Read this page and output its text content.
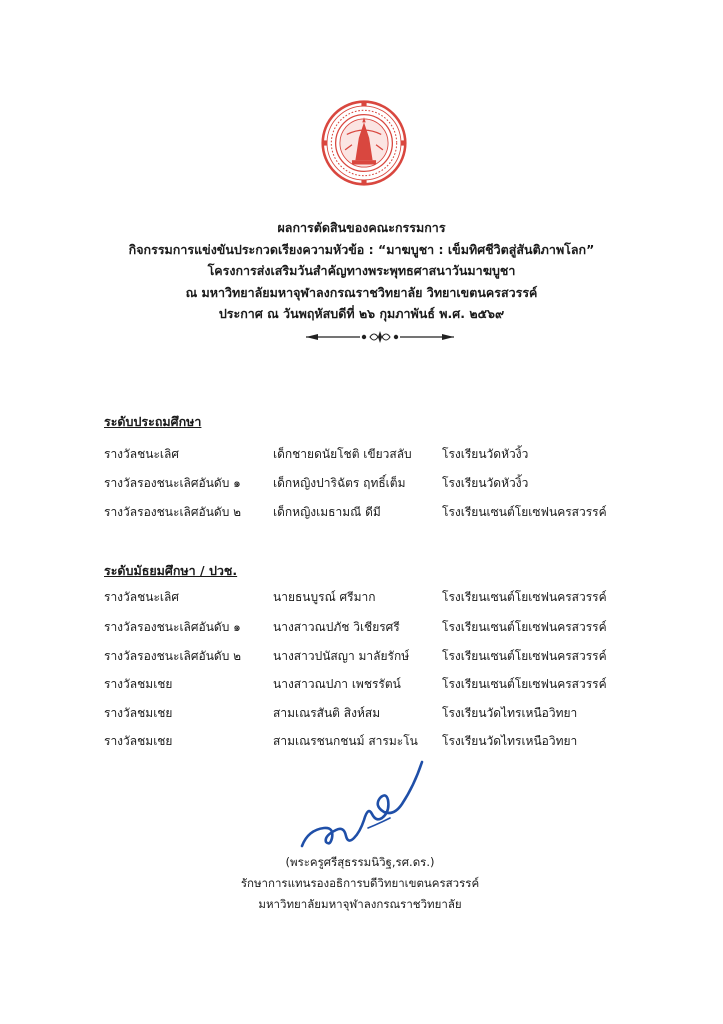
ผลการตัดสินของคณะกรรมการ
กิจกรรมการแข่งขันประกวดเรียงความหัวข้อ : “มาฆบูชา : เข็มทิศชีวิตสู่สันติภาพโลก”
โครงการส่งเสริมวันสำคัญทางพระพุทธศาสนาวันมาฆบูชา
ณ มหาวิทยาลัยมหาจุฬาลงกรณราชวิทยาลัย วิทยาเขตนครสวรรค์
ประกาศ ณ วันพฤหัสบดีที่ ๒๖ กุมภาพันธ์ พ.ศ. ๒๕๖๙
ระดับประถมศึกษา
รางวัลชนะเลิศ	เด็กชายดนัยโชติ เขียวสลับ	โรงเรียนวัดหัวงิ้ว
รางวัลรองชนะเลิศอันดับ ๑	เด็กหญิงปาริฉัตร ฤทธิ์เต็ม	โรงเรียนวัดหัวงิ้ว
รางวัลรองชนะเลิศอันดับ ๒	เด็กหญิงเมธามณี ดีมี	โรงเรียนเซนต์โยเซฟนครสวรรค์
ระดับมัธยมศึกษา / ปวช.
รางวัลชนะเลิศ	นายธนบูรณ์ ศรีมาก	โรงเรียนเซนต์โยเซฟนครสวรรค์
รางวัลรองชนะเลิศอันดับ ๑	นางสาวณปภัช วิเชียรศรี	โรงเรียนเซนต์โยเซฟนครสวรรค์
รางวัลรองชนะเลิศอันดับ ๒	นางสาวปนัสญา มาลัยรักษ์	โรงเรียนเซนต์โยเซฟนครสวรรค์
รางวัลชมเชย	นางสาวณปภา เพชรรัตน์	โรงเรียนเซนต์โยเซฟนครสวรรค์
รางวัลชมเชย	สามเณรสันติ สิงห์สม	โรงเรียนวัดไทรเหนือวิทยา
รางวัลชมเชย	สามเณรชนกชนม์ สารมะโน โรงเรียนวัดไทรเหนือวิทยา
(พระครูศรีสุธรรมนิวิฐ,รศ.ดร.)
รักษาการแทนรองอธิการบดีวิทยาเขตนครสวรรค์
มหาวิทยาลัยมหาจุฬาลงกรณราชวิทยาลัย
